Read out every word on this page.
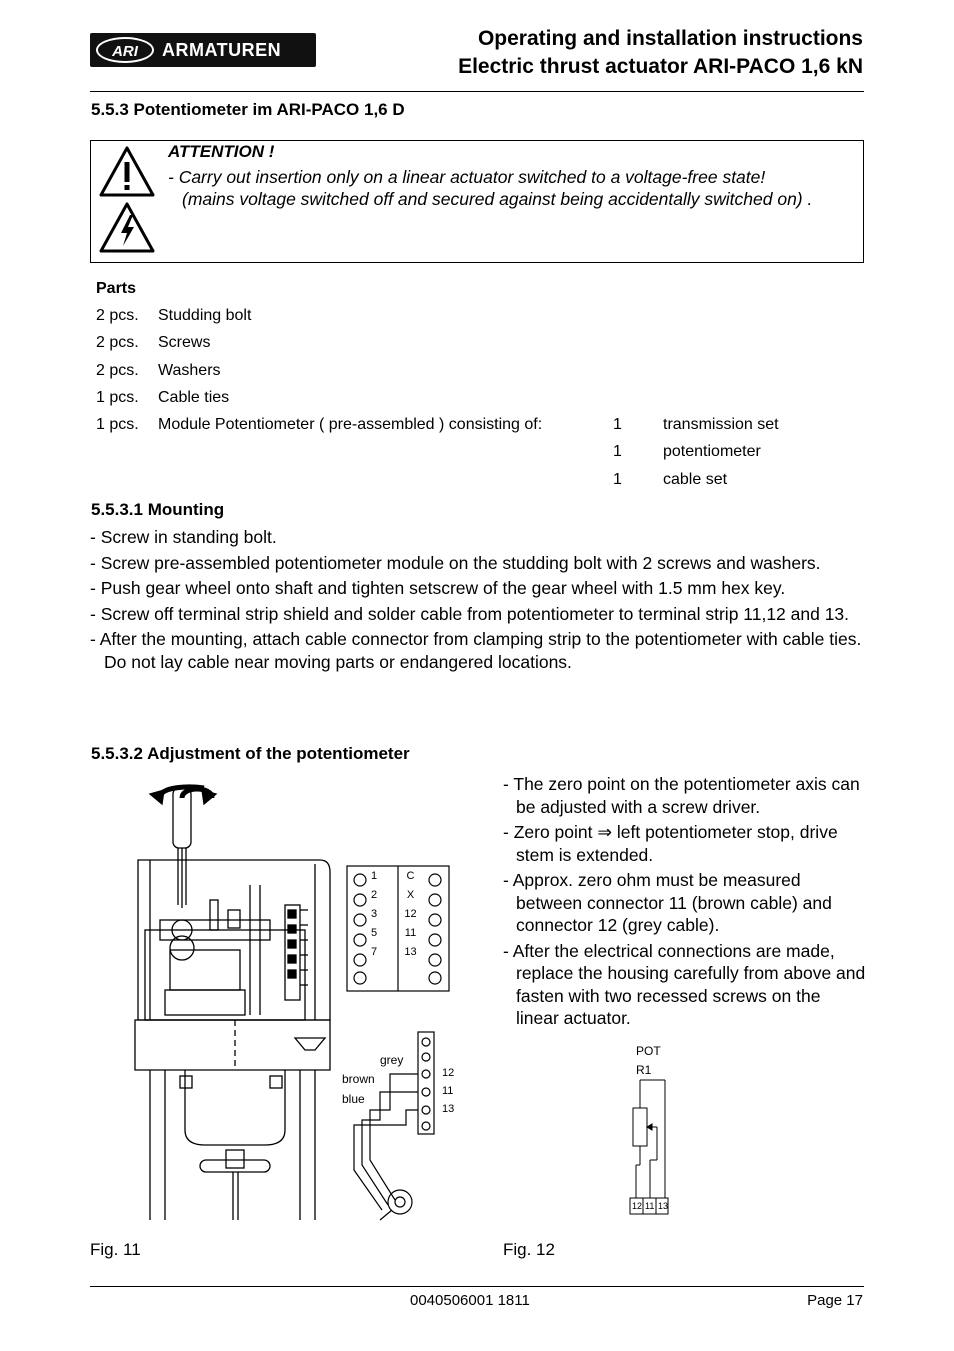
ARI	ARMATUREN	Operating and installation instructions
Electric thrust actuator ARI-PACO 1,6 kN
5.5.3 Potentiometer im ARI-PACO 1,6 D
ATTENTION !
- Carry out insertion only on a linear actuator switched to a voltage-free state!
(mains voltage switched off and secured against being accidentally switched on) .
Parts
2 pcs. Studding bolt
2 pcs. Screws
2 pcs. Washers
1 pcs. Cable ties
1 pcs. Module Potentiometer ( pre-assembled ) consisting of:	1	transmission set
1	potentiometer
1	cable set
5.5.3.1 Mounting

- Screw in standing bolt.

- Screw pre-assembled potentiometer module on the studding bolt with 2 screws and washers.

- Push gear wheel onto shaft and tighten setscrew of the gear wheel with 1.5 mm hex key.

- Screw off terminal strip shield and solder cable from potentiometer to terminal strip 11,12 and 13.

- After the mounting, attach cable connector from clamping strip to the potentiometer with cable ties.

Do not lay cable near moving parts or endangered locations.

5.5.3.2 Adjustment of the potentiometer

- The zero point on the potentiometer axis can be adjusted with a screw driver.

- Zero point ⇒ left potentiometer stop, drive stem is extended.

- Approx. zero ohm must be measured between connector 11 (brown cable) and connector 12 (grey cable).

- After the electrical connections are made, replace the housing carefully from above and fasten with two recessed screws on the linear actuator.

1
2
3
5
7
C
X
12
11
13
grey
brown
blue
12
11
13
POT
R1
12 11 13
Fig. 11	Fig. 12
0040506001 1811	Page 17
